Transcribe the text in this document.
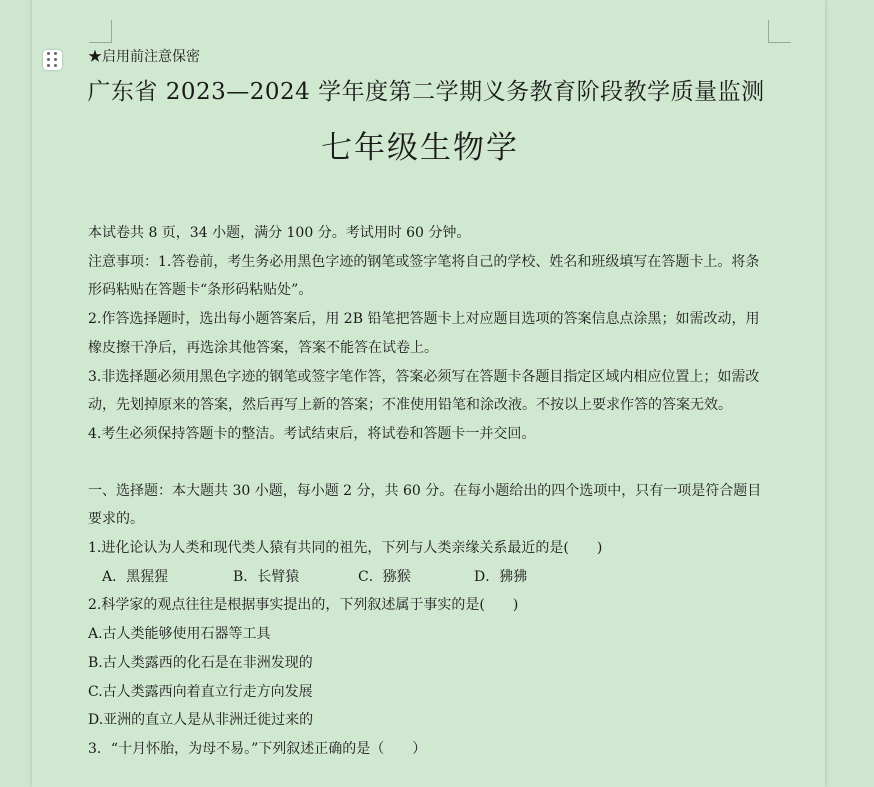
★启用前注意保密
广东省 2023—2024 学年度第二学期义务教育阶段教学质量监测
七年级生物学

本试卷共 8 页，34 小题，满分 100 分。考试用时 60 分钟。

注意事项：1.答卷前，考生务必用黑色字迹的钢笔或签字笔将自己的学校、姓名和班级填写在答题卡上。将条形码粘贴在答题卡“条形码粘贴处”。

2.作答选择题时，选出每小题答案后，用 2B 铅笔把答题卡上对应题目选项的答案信息点涂黑；如需改动，用橡皮擦干净后，再选涂其他答案，答案不能答在试卷上。

3.非选择题必须用黑色字迹的钢笔或签字笔作答，答案必须写在答题卡各题目指定区域内相应位置上；如需改动，先划掉原来的答案，然后再写上新的答案；不准使用铅笔和涂改液。不按以上要求作答的答案无效。

4.考生必须保持答题卡的整洁。考试结束后，将试卷和答题卡一并交回。

一、选择题：本大题共 30 小题，每小题 2 分，共 60 分。在每小题给出的四个选项中，只有一项是符合题目要求的。

1.进化论认为人类和现代类人猿有共同的祖先，下列与人类亲缘关系最近的是(　　)

A．黑猩猩	B．长臂猿	C．猕猴	D．狒狒

2.科学家的观点往往是根据事实提出的，下列叙述属于事实的是(　　)

A.古人类能够使用石器等工具

B.古人类露西的化石是在非洲发现的

C.古人类露西向着直立行走方向发展

D.亚洲的直立人是从非洲迁徙过来的

3．“十月怀胎，为母不易。”下列叙述正确的是（　　）
